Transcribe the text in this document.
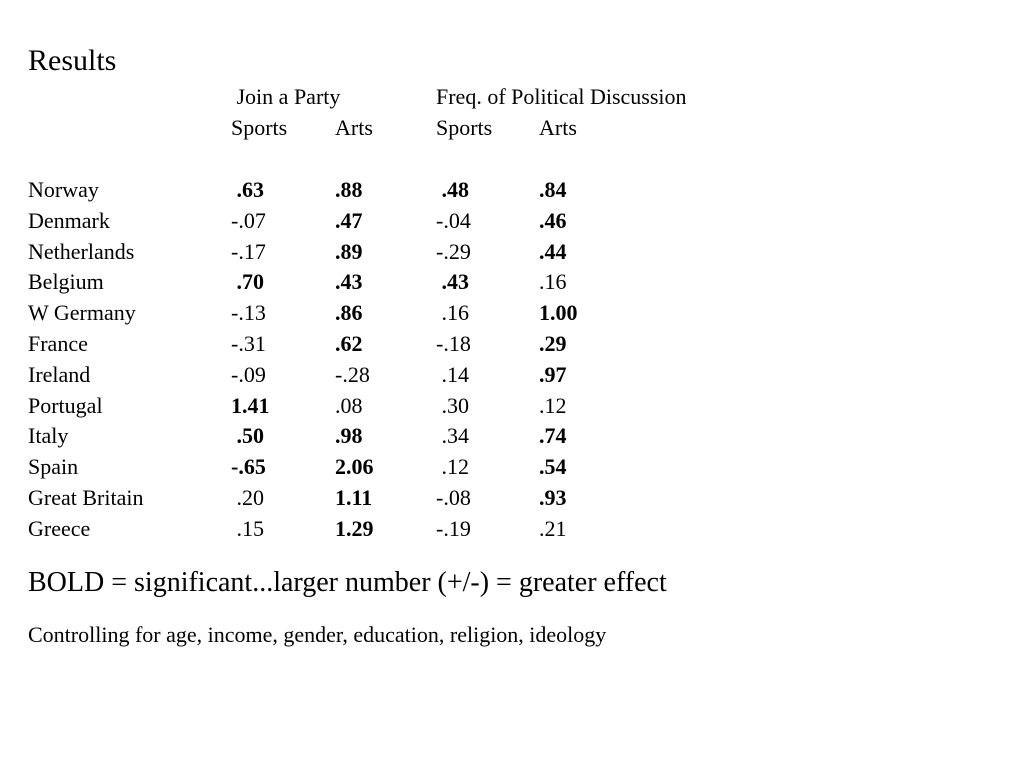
Results
Join a Party	Freq. of Political Discussion
Sports Arts	Sports Arts
Norway	.63	.88	.48	.84
Denmark	-.07	.47	-.04	.46
Netherlands	-.17	.89	-.29	.44
Belgium	.70	.43	.43	.16
W Germany	-.13	.86	.16	1.00
France	-.31	.62	-.18	.29
Ireland	-.09	-.28	.14	.97
Portugal	1.41	.08	.30	.12
Italy	.50	.98	.34	.74
Spain	-.65	2.06	.12	.54
Great Britain	.20	1.11	-.08	.93
Greece	.15	1.29	-.19	.21
BOLD = significant...larger number (+/-) = greater effect
Controlling for age, income, gender, education, religion, ideology
